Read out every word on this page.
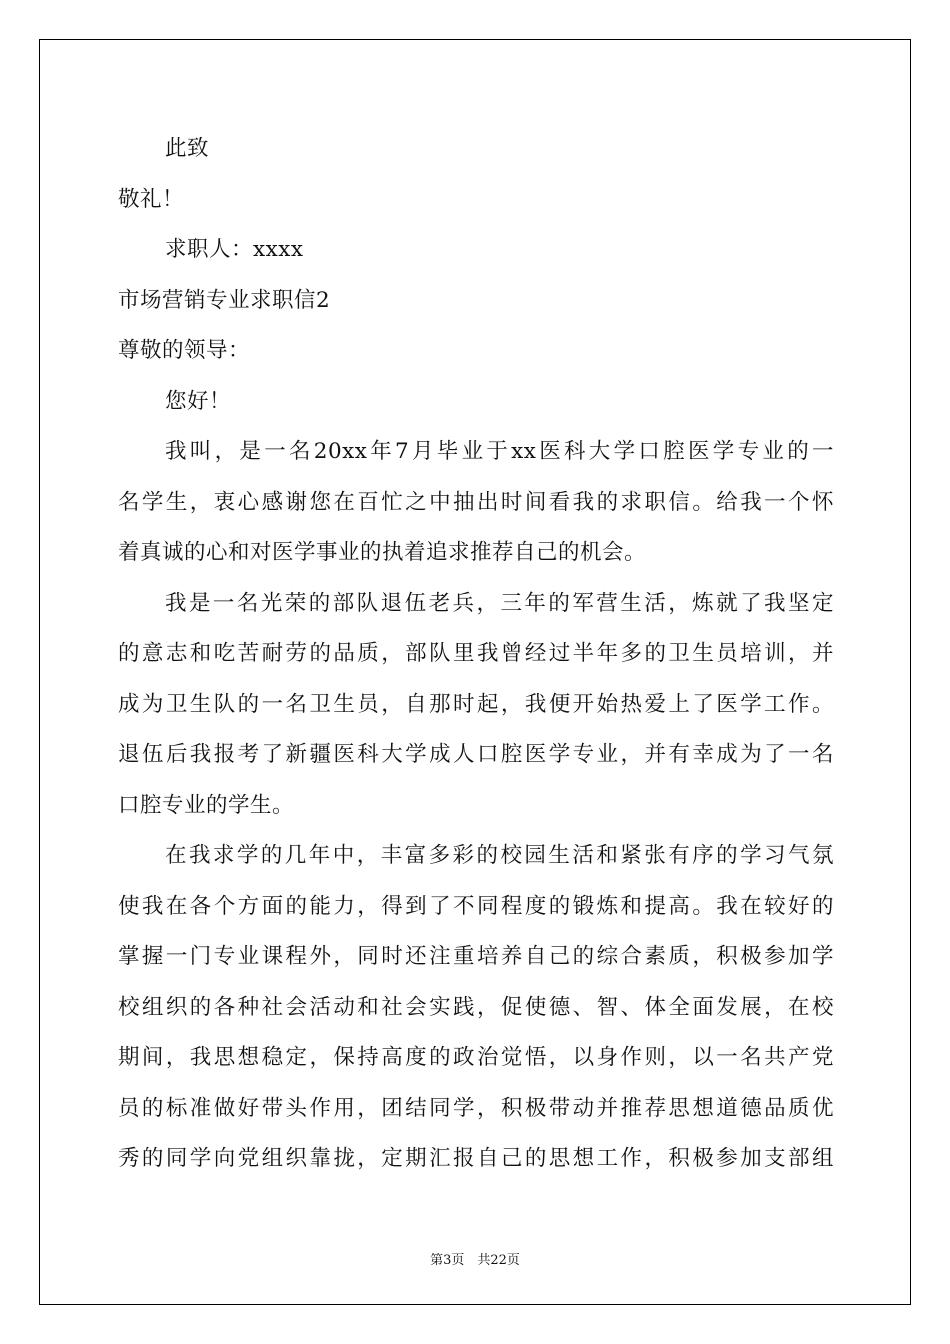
此致
敬礼！
求职人：xxxx
市场营销专业求职信2
尊敬的领导：
您好！
我叫，是一名20xx年7月毕业于xx医科大学口腔医学专业的一
名学生，衷心感谢您在百忙之中抽出时间看我的求职信。给我一个怀
着真诚的心和对医学事业的执着追求推荐自己的机会。
我是一名光荣的部队退伍老兵，三年的军营生活，炼就了我坚定
的意志和吃苦耐劳的品质，部队里我曾经过半年多的卫生员培训，并
成为卫生队的一名卫生员，自那时起，我便开始热爱上了医学工作。
退伍后我报考了新疆医科大学成人口腔医学专业，并有幸成为了一名
口腔专业的学生。
在我求学的几年中，丰富多彩的校园生活和紧张有序的学习气氛
使我在各个方面的能力，得到了不同程度的锻炼和提高。我在较好的
掌握一门专业课程外，同时还注重培养自己的综合素质，积极参加学
校组织的各种社会活动和社会实践，促使德、智、体全面发展，在校
期间，我思想稳定，保持高度的政治觉悟，以身作则，以一名共产党
员的标准做好带头作用，团结同学，积极带动并推荐思想道德品质优
秀的同学向党组织靠拢，定期汇报自己的思想工作，积极参加支部组
第3页　共22页
